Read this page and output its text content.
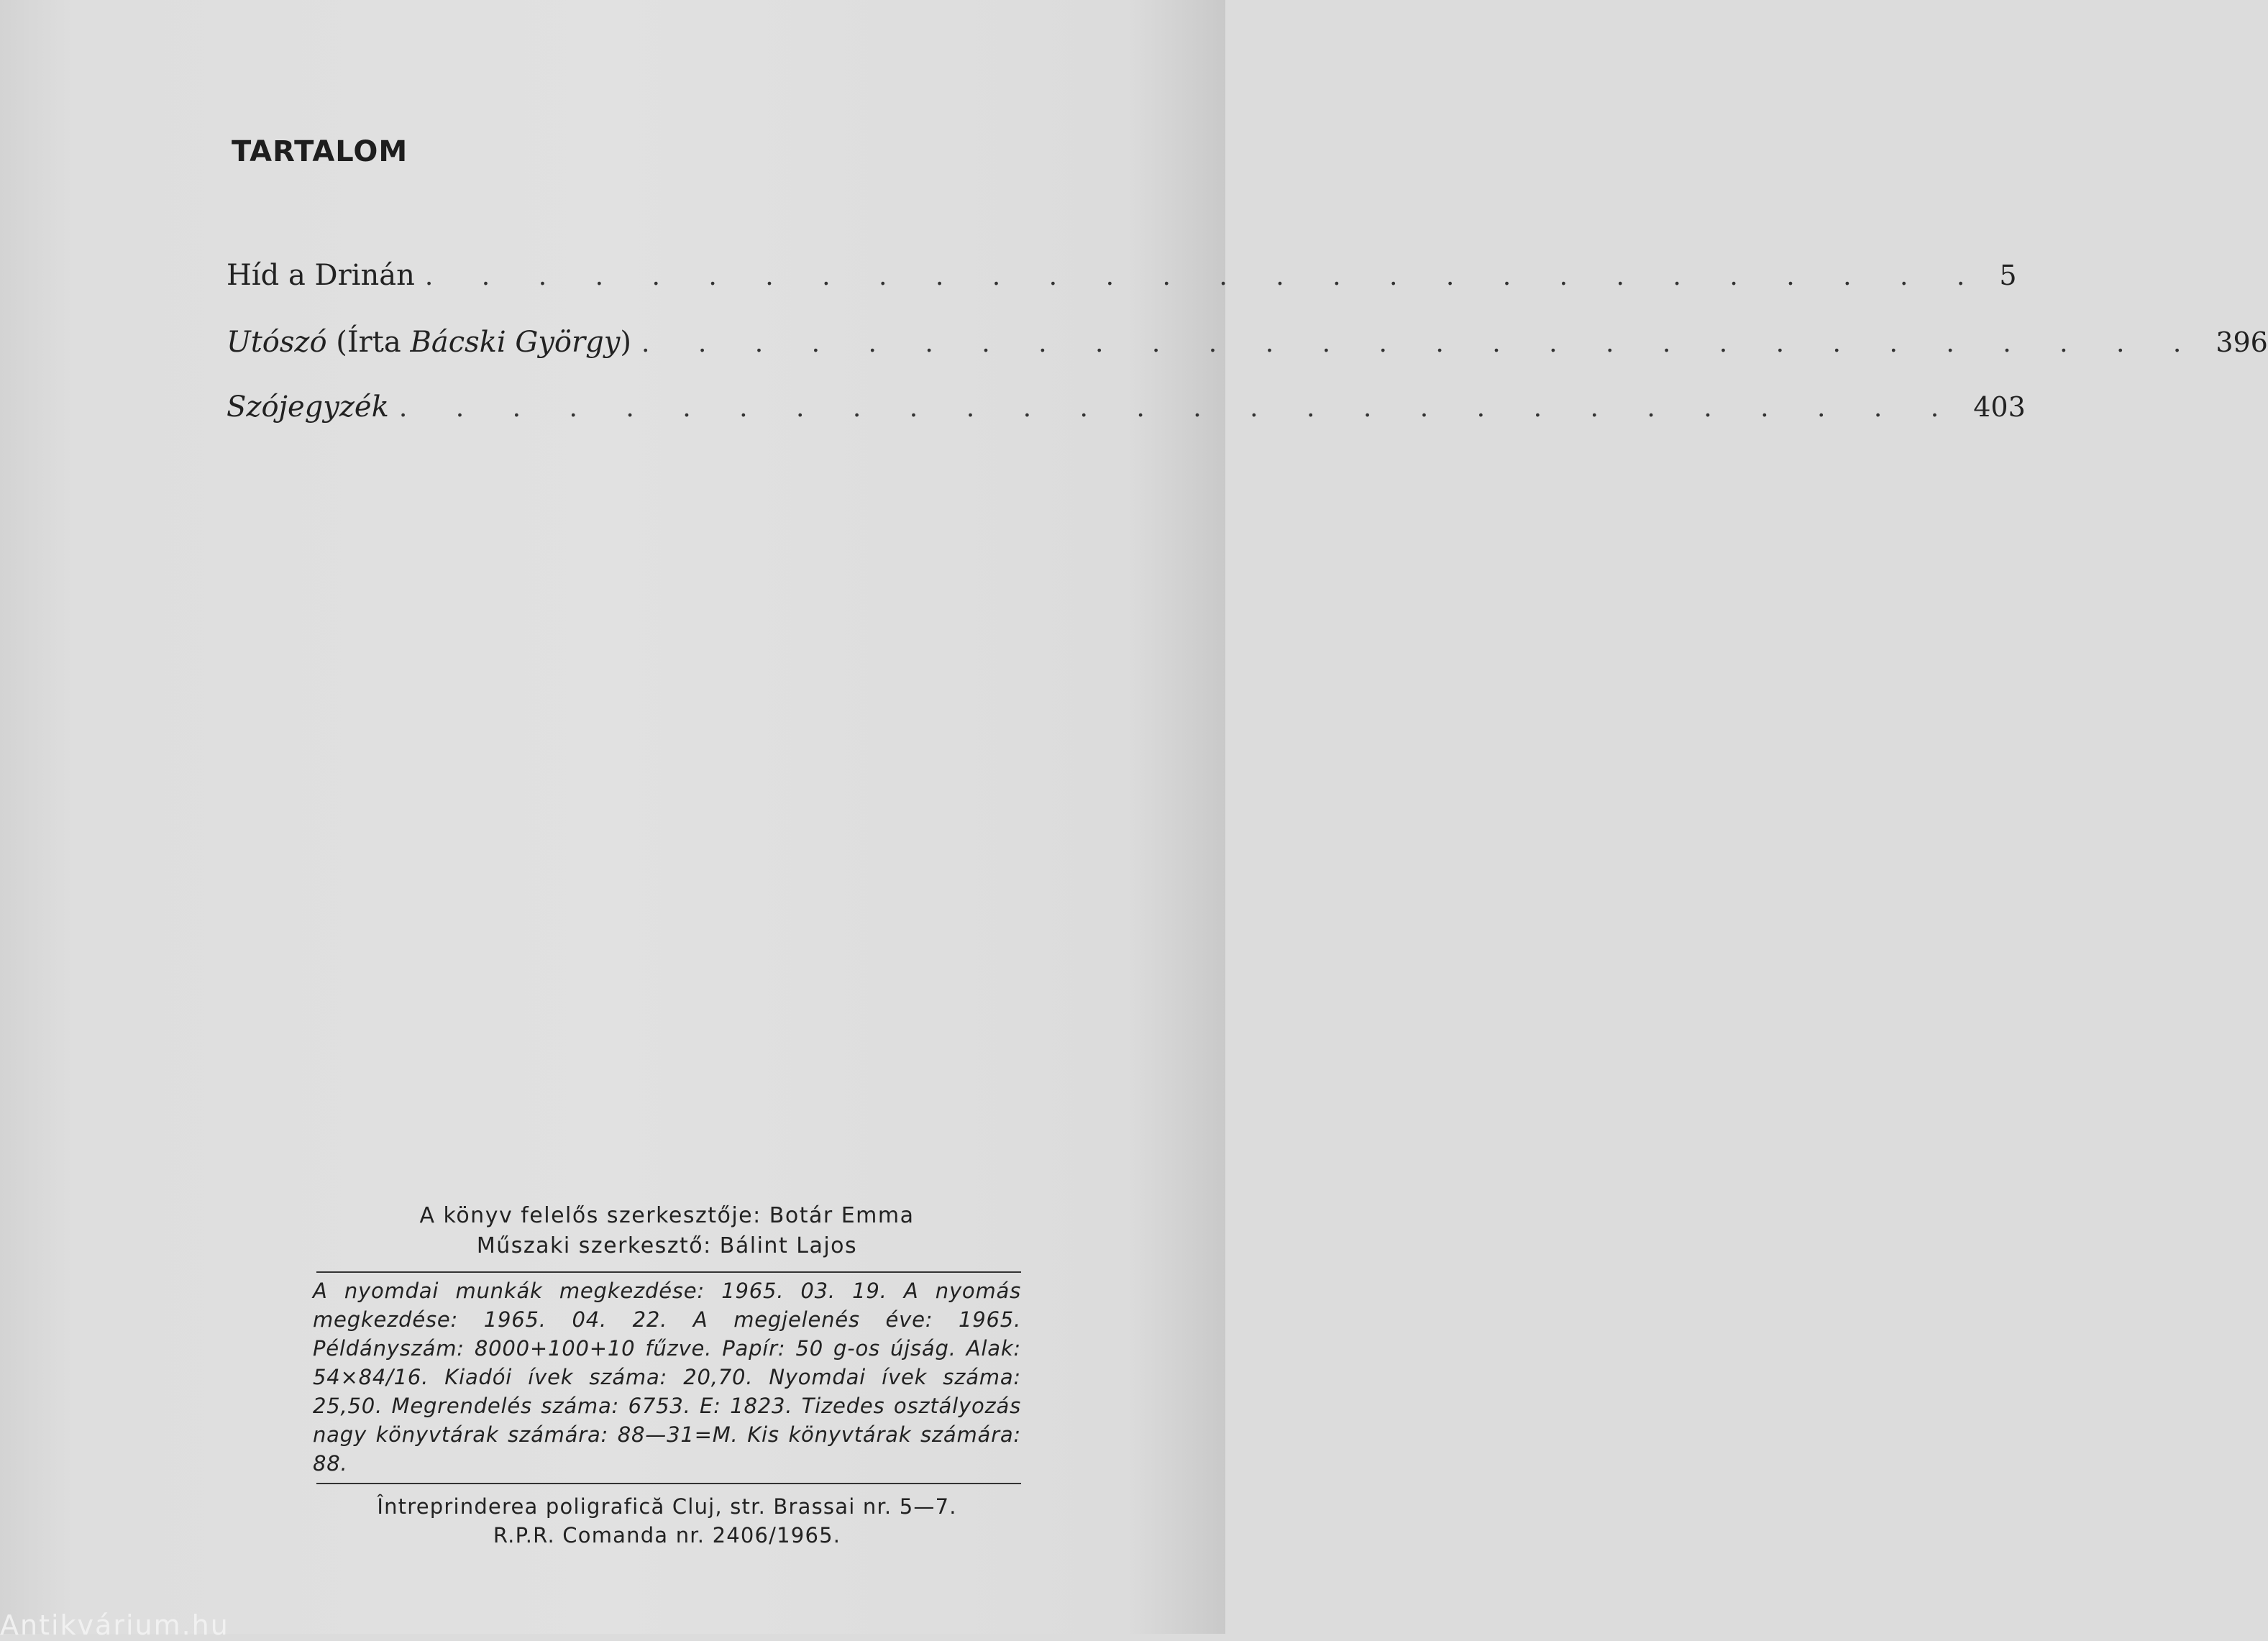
TARTALOM
Híd a Drinán . . . . . . . . . . . . . . . . . . . . . . . . . . . . 5
Utószó (Írta Bácski György) . . . . . . . . . . . . . . . . . . . . . . . . . . . . 396
Szójegyzék . . . . . . . . . . . . . . . . . . . . . . . . . . . . 403
A könyv felelős szerkesztője: Botár Emma
Műszaki szerkesztő: Bálint Lajos
A nyomdai munkák megkezdése: 1965. 03. 19. A nyomás megkezdése: 1965. 04. 22. A megjelenés éve: 1965. Példányszám: 8000+100+10 fűzve. Papír: 50 g-os újság. Alak: 54×84/16. Kiadói ívek száma: 20,70. Nyomdai ívek száma: 25,50. Megrendelés száma: 6753. E: 1823. Tizedes osztályozás nagy könyvtárak számára: 88—31=M. Kis könyvtárak számára: 88.
Întreprinderea poligrafică Cluj, str. Brassai nr. 5—7.
R.P.R. Comanda nr. 2406/1965.
Antikvárium.hu
